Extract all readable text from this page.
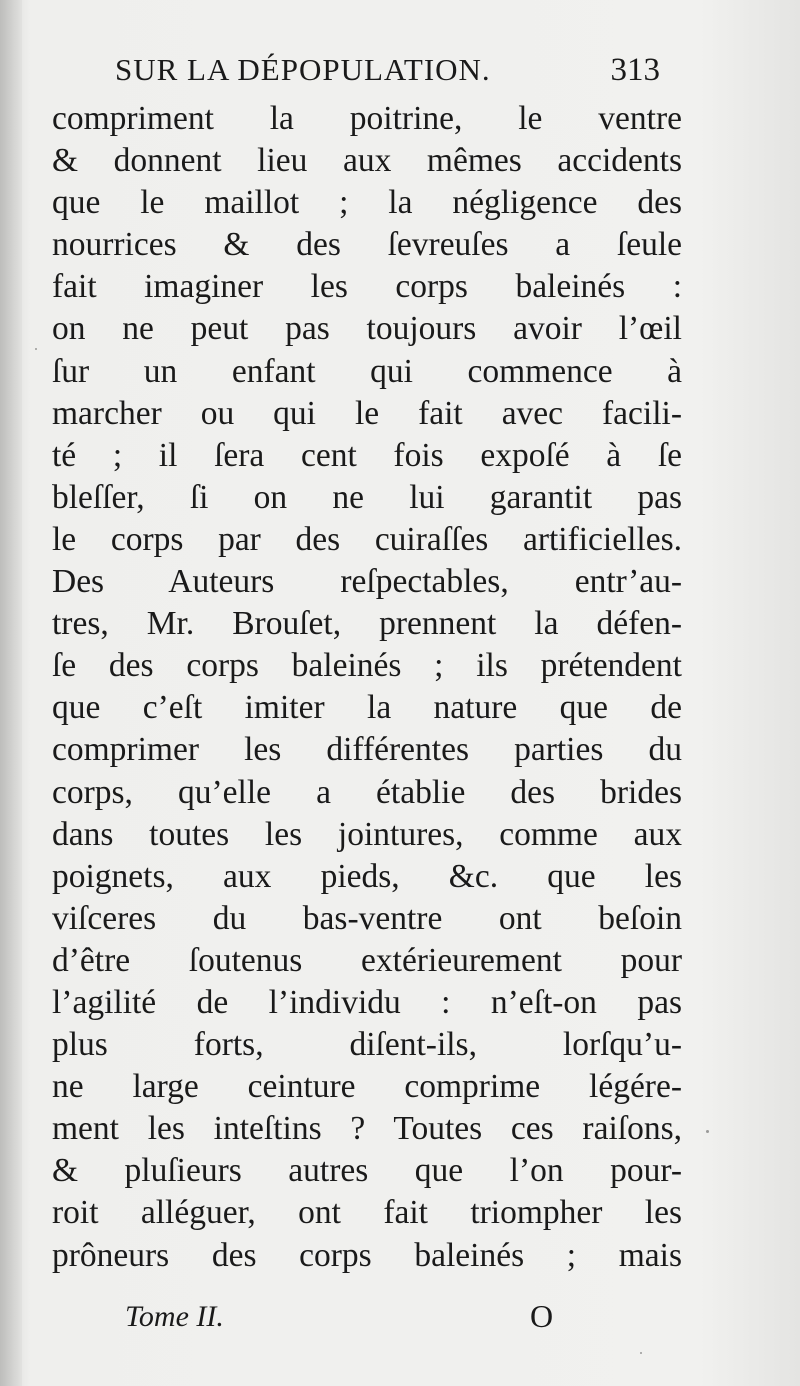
SUR LA DÉPOPULATION.	313
compriment la poitrine, le ventre
& donnent lieu aux mêmes accidents
que le maillot ; la négligence des
nourrices & des ſevreuſes a ſeule
fait imaginer les corps baleinés :
on ne peut pas toujours avoir l’œil
ſur un enfant qui commence à
marcher ou qui le fait avec facili-
té ; il ſera cent fois expoſé à ſe
bleſſer, ſi on ne lui garantit pas
le corps par des cuiraſſes artificielles.
Des Auteurs reſpectables, entr’au-
tres, Mr. Brouſet, prennent la défen-
ſe des corps baleinés ; ils prétendent
que c’eſt imiter la nature que de
comprimer les différentes parties du
corps, qu’elle a établie des brides
dans toutes les jointures, comme aux
poignets, aux pieds, &c. que les
viſceres du bas-ventre ont beſoin
d’être ſoutenus extérieurement pour
l’agilité de l’individu : n’eſt-on pas
plus forts, diſent-ils, lorſqu’u-
ne large ceinture comprime légére-
ment les inteſtins ? Toutes ces raiſons,
& pluſieurs autres que l’on pour-
roit alléguer, ont fait triompher les
prôneurs des corps baleinés ; mais
Tome II.	O
